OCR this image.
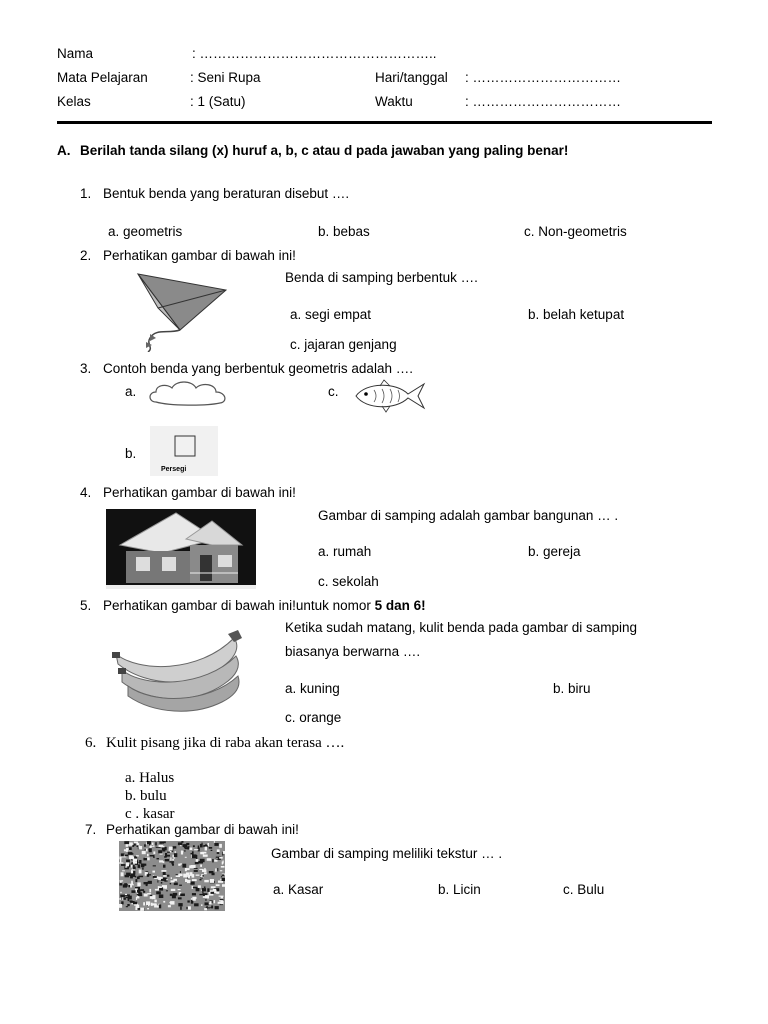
Nama	: ……………………………………………..
Mata Pelajaran	: Seni Rupa	Hari/tanggal : ……………………………
Kelas	: 1 (Satu)	Waktu	: ……………………………
A. Berilah tanda silang (x) huruf a, b, c atau d pada jawaban yang paling benar!
1. Bentuk benda yang beraturan disebut ….
a. geometris	b. bebas	c. Non-geometris
2. Perhatikan gambar di bawah ini!
Benda di samping berbentuk ….
a. segi empat	b. belah ketupat
c. jajaran genjang
3. Contoh benda yang berbentuk geometris adalah ….
a.	c.
b.
Persegi
4. Perhatikan gambar di bawah ini!
Gambar di samping adalah gambar bangunan … .
a. rumah	b. gereja
c. sekolah
5. Perhatikan gambar di bawah ini!untuk nomor 5 dan 6!
Ketika sudah matang, kulit benda pada gambar di samping
biasanya berwarna ….
a. kuning	b. biru
c. orange
6. Kulit pisang jika di raba akan terasa ….
a. Halus
b. bulu
c . kasar
7. Perhatikan gambar di bawah ini!
Gambar di samping meliliki tekstur … .
a. Kasar	b. Licin	c. Bulu
